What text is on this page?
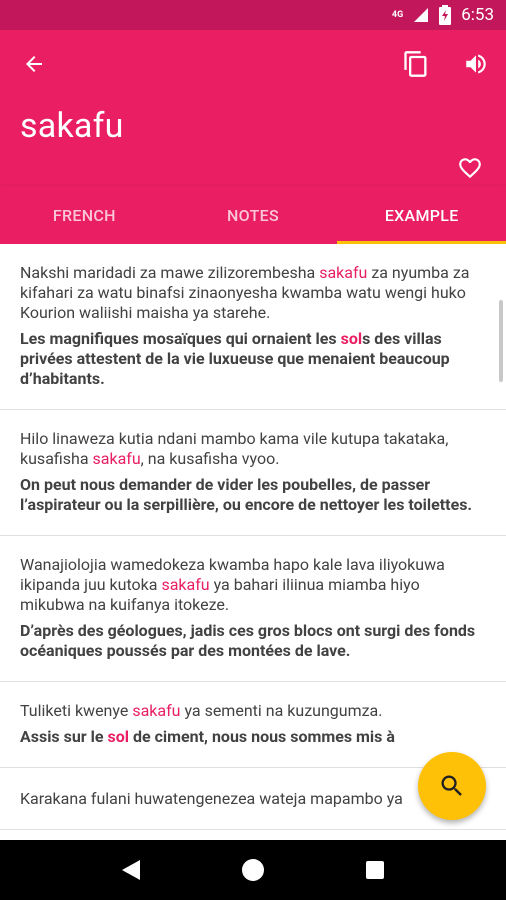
4G	6:53
sakafu
FRENCH	NOTES	EXAMPLE

Nakshi maridadi za mawe zilizorembesha sakafu za nyumba za kifahari za watu binafsi zinaonyesha kwamba watu wengi huko Kourion waliishi maisha ya starehe.

Les magnifiques mosaïques qui ornaient les sols des villas privées attestent de la vie luxueuse que menaient beaucoup d’habitants.

Hilo linaweza kutia ndani mambo kama vile kutupa takataka, kusafisha sakafu, na kusafisha vyoo.

On peut nous demander de vider les poubelles, de passer l’aspirateur ou la serpillière, ou encore de nettoyer les toilettes.

Wanajiolojia wamedokeza kwamba hapo kale lava iliyokuwa ikipanda juu kutoka sakafu ya bahari iliinua miamba hiyo mikubwa na kuifanya itokeze.

D’après des géologues, jadis ces gros blocs ont surgi des fonds océaniques poussés par des montées de lave.

Tuliketi kwenye sakafu ya sementi na kuzungumza.

Assis sur le sol de ciment, nous nous sommes mis à

Karakana fulani huwatengenezea wateja mapambo ya
